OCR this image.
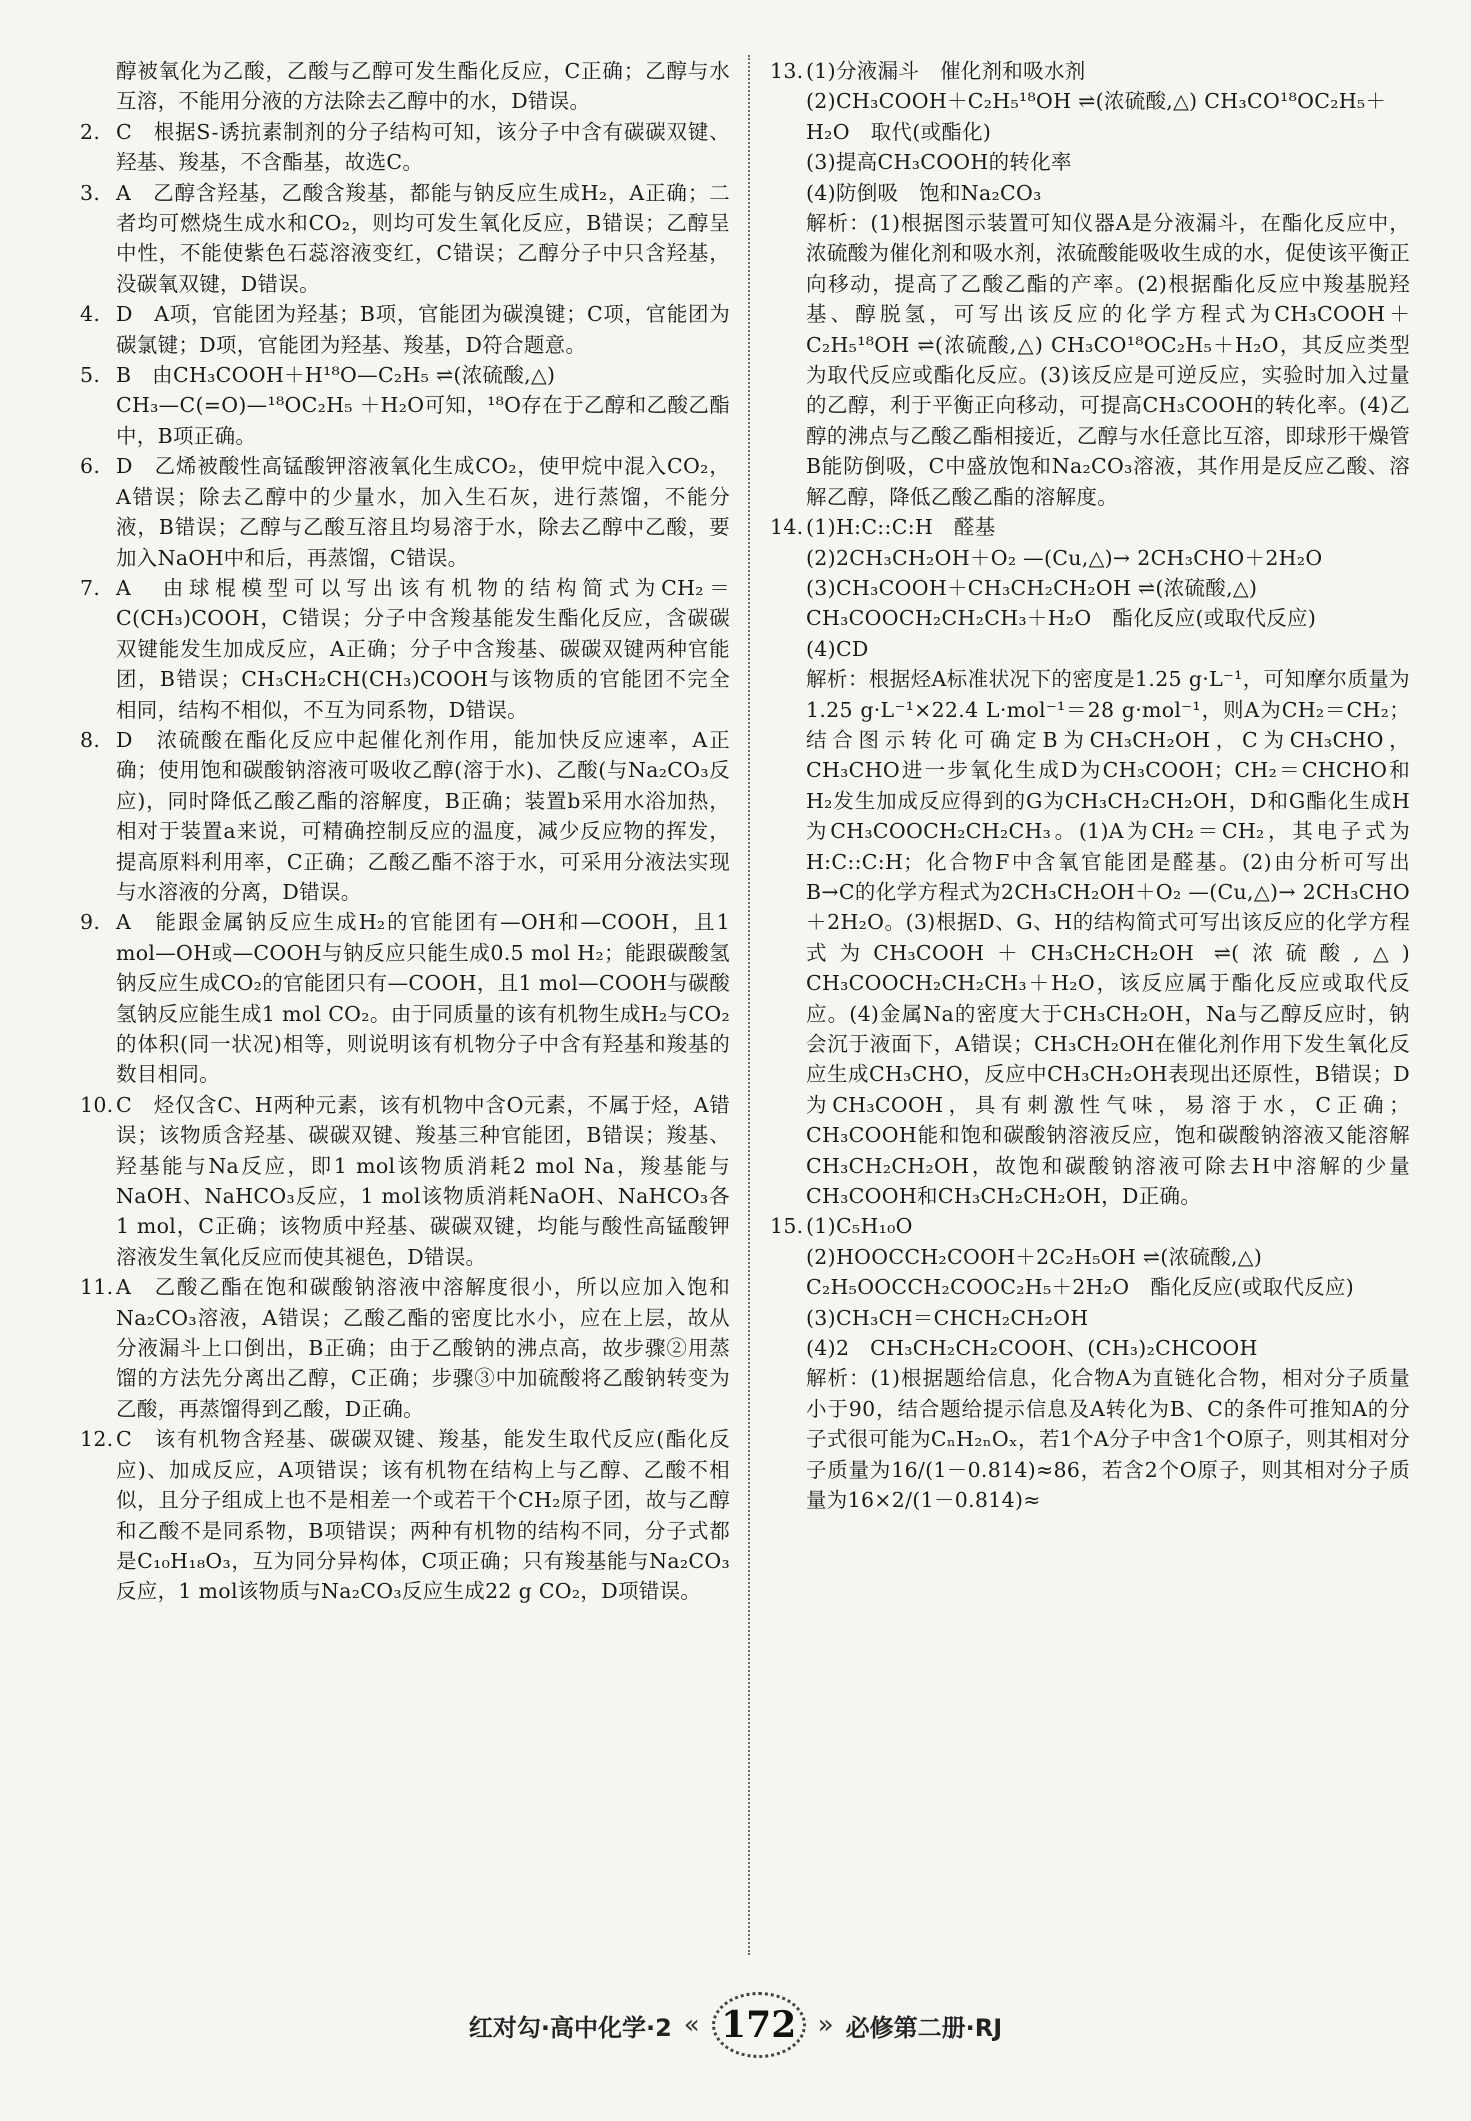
醇被氧化为乙酸，乙酸与乙醇可发生酯化反应，C正确；乙醇与水互溶，不能用分液的方法除去乙醇中的水，D错误。
2. C　根据S-诱抗素制剂的分子结构可知，该分子中含有碳碳双键、羟基、羧基，不含酯基，故选C。
3. A　乙醇含羟基，乙酸含羧基，都能与钠反应生成H₂，A正确；二者均可燃烧生成水和CO₂，则均可发生氧化反应，B错误；乙醇呈中性，不能使紫色石蕊溶液变红，C错误；乙醇分子中只含羟基，没碳氧双键，D错误。
4. D　A项，官能团为羟基；B项，官能团为碳溴键；C项，官能团为碳氯键；D项，官能团为羟基、羧基，D符合题意。
5. B　由CH₃COOH＋H¹⁸O—C₂H₅ ⇌(浓硫酸,△)
CH₃—C(=O)—¹⁸OC₂H₅ ＋H₂O可知，¹⁸O存在于乙醇和乙酸乙酯中，B项正确。
6. D　乙烯被酸性高锰酸钾溶液氧化生成CO₂，使甲烷中混入CO₂，A错误；除去乙醇中的少量水，加入生石灰，进行蒸馏，不能分液，B错误；乙醇与乙酸互溶且均易溶于水，除去乙醇中乙酸，要加入NaOH中和后，再蒸馏，C错误。
7. A　由球棍模型可以写出该有机物的结构简式为CH₂＝C(CH₃)COOH，C错误；分子中含羧基能发生酯化反应，含碳碳双键能发生加成反应，A正确；分子中含羧基、碳碳双键两种官能团，B错误；CH₃CH₂CH(CH₃)COOH与该物质的官能团不完全相同，结构不相似，不互为同系物，D错误。
8. D　浓硫酸在酯化反应中起催化剂作用，能加快反应速率，A正确；使用饱和碳酸钠溶液可吸收乙醇(溶于水)、乙酸(与Na₂CO₃反应)，同时降低乙酸乙酯的溶解度，B正确；装置b采用水浴加热，相对于装置a来说，可精确控制反应的温度，减少反应物的挥发，提高原料利用率，C正确；乙酸乙酯不溶于水，可采用分液法实现与水溶液的分离，D错误。
9. A　能跟金属钠反应生成H₂的官能团有—OH和—COOH，且1 mol—OH或—COOH与钠反应只能生成0.5 mol H₂；能跟碳酸氢钠反应生成CO₂的官能团只有—COOH，且1 mol—COOH与碳酸氢钠反应能生成1 mol CO₂。由于同质量的该有机物生成H₂与CO₂的体积(同一状况)相等，则说明该有机物分子中含有羟基和羧基的数目相同。
10. C　烃仅含C、H两种元素，该有机物中含O元素，不属于烃，A错误；该物质含羟基、碳碳双键、羧基三种官能团，B错误；羧基、羟基能与Na反应，即1 mol该物质消耗2 mol Na，羧基能与NaOH、NaHCO₃反应，1 mol该物质消耗NaOH、NaHCO₃各1 mol，C正确；该物质中羟基、碳碳双键，均能与酸性高锰酸钾溶液发生氧化反应而使其褪色，D错误。
11. A　乙酸乙酯在饱和碳酸钠溶液中溶解度很小，所以应加入饱和Na₂CO₃溶液，A错误；乙酸乙酯的密度比水小，应在上层，故从分液漏斗上口倒出，B正确；由于乙酸钠的沸点高，故步骤②用蒸馏的方法先分离出乙醇，C正确；步骤③中加硫酸将乙酸钠转变为乙酸，再蒸馏得到乙酸，D正确。
12. C　该有机物含羟基、碳碳双键、羧基，能发生取代反应(酯化反应)、加成反应，A项错误；该有机物在结构上与乙醇、乙酸不相似，且分子组成上也不是相差一个或若干个CH₂原子团，故与乙醇和乙酸不是同系物，B项错误；两种有机物的结构不同，分子式都是C₁₀H₁₈O₃，互为同分异构体，C项正确；只有羧基能与Na₂CO₃反应，1 mol该物质与Na₂CO₃反应生成22 g CO₂，D项错误。
13. (1)分液漏斗　催化剂和吸水剂
(2)CH₃COOH＋C₂H₅¹⁸OH ⇌(浓硫酸,△) CH₃CO¹⁸OC₂H₅＋
H₂O　取代(或酯化)
(3)提高CH₃COOH的转化率
(4)防倒吸　饱和Na₂CO₃
解析：(1)根据图示装置可知仪器A是分液漏斗，在酯化反应中，浓硫酸为催化剂和吸水剂，浓硫酸能吸收生成的水，促使该平衡正向移动，提高了乙酸乙酯的产率。(2)根据酯化反应中羧基脱羟基、醇脱氢，可写出该反应的化学方程式为CH₃COOH＋C₂H₅¹⁸OH ⇌(浓硫酸,△) CH₃CO¹⁸OC₂H₅＋H₂O，其反应类型为取代反应或酯化反应。(3)该反应是可逆反应，实验时加入过量的乙醇，利于平衡正向移动，可提高CH₃COOH的转化率。(4)乙醇的沸点与乙酸乙酯相接近，乙醇与水任意比互溶，即球形干燥管B能防倒吸，C中盛放饱和Na₂CO₃溶液，其作用是反应乙酸、溶解乙醇，降低乙酸乙酯的溶解度。
14. (1)H:C::C:H　醛基
(2)2CH₃CH₂OH＋O₂ —(Cu,△)→ 2CH₃CHO＋2H₂O
(3)CH₃COOH＋CH₃CH₂CH₂OH ⇌(浓硫酸,△)
CH₃COOCH₂CH₂CH₃＋H₂O　酯化反应(或取代反应)
(4)CD
解析：根据烃A标准状况下的密度是1.25 g·L⁻¹，可知摩尔质量为1.25 g·L⁻¹×22.4 L·mol⁻¹＝28 g·mol⁻¹，则A为CH₂＝CH₂；结合图示转化可确定B为CH₃CH₂OH，C为CH₃CHO，CH₃CHO进一步氧化生成D为CH₃COOH；CH₂＝CHCHO和H₂发生加成反应得到的G为CH₃CH₂CH₂OH，D和G酯化生成H为CH₃COOCH₂CH₂CH₃。(1)A为CH₂＝CH₂，其电子式为H:C::C:H；化合物F中含氧官能团是醛基。(2)由分析可写出B→C的化学方程式为2CH₃CH₂OH＋O₂ —(Cu,△)→ 2CH₃CHO＋2H₂O。(3)根据D、G、H的结构简式可写出该反应的化学方程式为CH₃COOH＋CH₃CH₂CH₂OH ⇌(浓硫酸,△) CH₃COOCH₂CH₂CH₃＋H₂O，该反应属于酯化反应或取代反应。(4)金属Na的密度大于CH₃CH₂OH，Na与乙醇反应时，钠会沉于液面下，A错误；CH₃CH₂OH在催化剂作用下发生氧化反应生成CH₃CHO，反应中CH₃CH₂OH表现出还原性，B错误；D为CH₃COOH，具有刺激性气味，易溶于水，C正确；CH₃COOH能和饱和碳酸钠溶液反应，饱和碳酸钠溶液又能溶解CH₃CH₂CH₂OH，故饱和碳酸钠溶液可除去H中溶解的少量CH₃COOH和CH₃CH₂CH₂OH，D正确。
15. (1)C₅H₁₀O
(2)HOOCCH₂COOH＋2C₂H₅OH ⇌(浓硫酸,△)
C₂H₅OOCCH₂COOC₂H₅＋2H₂O　酯化反应(或取代反应)
(3)CH₃CH＝CHCH₂CH₂OH
(4)2　CH₃CH₂CH₂COOH、(CH₃)₂CHCOOH
解析：(1)根据题给信息，化合物A为直链化合物，相对分子质量小于90，结合题给提示信息及A转化为B、C的条件可推知A的分子式很可能为CₙH₂ₙOₓ，若1个A分子中含1个O原子，则其相对分子质量为16/(1－0.814)≈86，若含2个O原子，则其相对分子质量为16×2/(1－0.814)≈
红对勾·高中化学·2 « 172 » 必修第二册·RJ
